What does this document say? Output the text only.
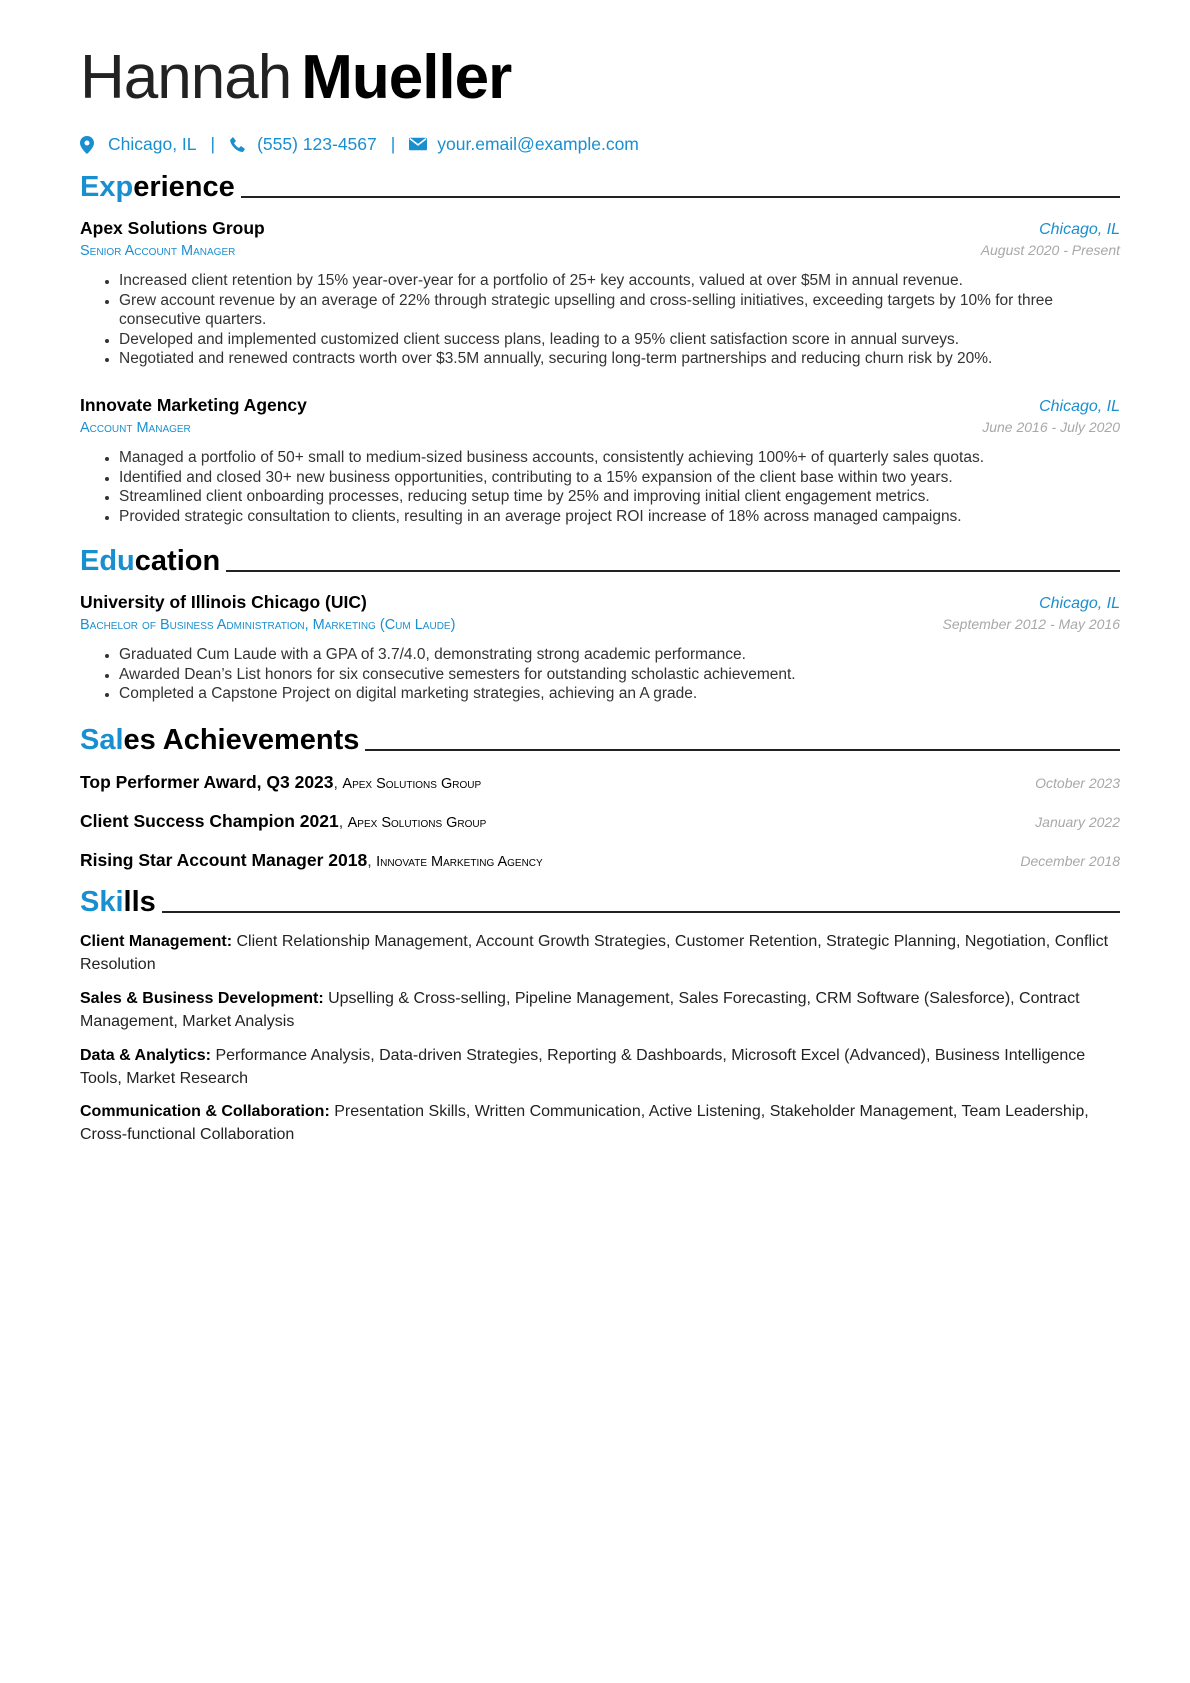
Hannah Mueller
Chicago, IL | (555) 123-4567 | your.email@example.com
Experience
Apex Solutions Group	Chicago, IL
Senior Account Manager	August 2020 - Present
• Increased client retention by 15% year-over-year for a portfolio of 25+ key accounts, valued at over $5M in annual revenue.
• Grew account revenue by an average of 22% through strategic upselling and cross-selling initiatives, exceeding targets by 10% for three consecutive quarters.
• Developed and implemented customized client success plans, leading to a 95% client satisfaction score in annual surveys.
• Negotiated and renewed contracts worth over $3.5M annually, securing long-term partnerships and reducing churn risk by 20%.
Innovate Marketing Agency	Chicago, IL
Account Manager	June 2016 - July 2020
• Managed a portfolio of 50+ small to medium-sized business accounts, consistently achieving 100%+ of quarterly sales quotas.
• Identified and closed 30+ new business opportunities, contributing to a 15% expansion of the client base within two years.
• Streamlined client onboarding processes, reducing setup time by 25% and improving initial client engagement metrics.
• Provided strategic consultation to clients, resulting in an average project ROI increase of 18% across managed campaigns.
Education
University of Illinois Chicago (UIC)	Chicago, IL
Bachelor of Business Administration, Marketing (Cum Laude)	September 2012 - May 2016
• Graduated Cum Laude with a GPA of 3.7/4.0, demonstrating strong academic performance.
• Awarded Dean’s List honors for six consecutive semesters for outstanding scholastic achievement.
• Completed a Capstone Project on digital marketing strategies, achieving an A grade.
Sales Achievements
Top Performer Award, Q3 2023, Apex Solutions Group	October 2023
Client Success Champion 2021, Apex Solutions Group	January 2022
Rising Star Account Manager 2018, Innovate Marketing Agency	December 2018
Skills
Client Management: Client Relationship Management, Account Growth Strategies, Customer Retention, Strategic Planning, Negotiation, Conflict Resolution
Sales & Business Development: Upselling & Cross-selling, Pipeline Management, Sales Forecasting, CRM Software (Salesforce), Contract Management, Market Analysis
Data & Analytics: Performance Analysis, Data-driven Strategies, Reporting & Dashboards, Microsoft Excel (Advanced), Business Intelligence Tools, Market Research
Communication & Collaboration: Presentation Skills, Written Communication, Active Listening, Stakeholder Management, Team Leadership, Cross-functional Collaboration
